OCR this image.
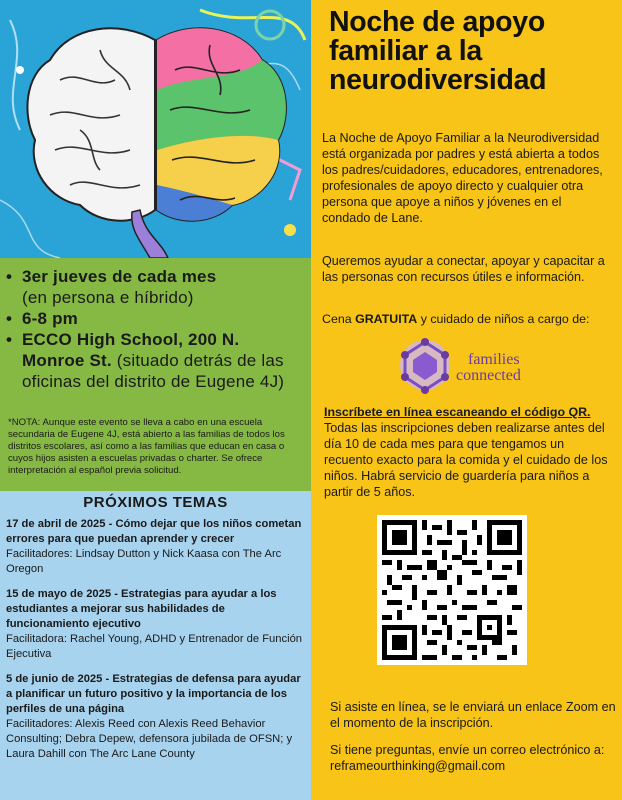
• 3er jueves de cada mes
(en persona e híbrido)
• 6-8 pm
• ECCO High School, 200 N. Monroe St. (situado detrás de las oficinas del distrito de Eugene 4J)

*NOTA: Aunque este evento se lleva a cabo en una escuela secundaria de Eugene 4J, está abierto a las familias de todos los distritos escolares, así como a las familias que educan en casa o cuyos hijos asisten a escuelas privadas o charter. Se ofrece interpretación al español previa solicitud.

PRÓXIMOS TEMAS
17 de abril de 2025 - Cómo dejar que los niños cometan errores para que puedan aprender y crecer
Facilitadores: Lindsay Dutton y Nick Kaasa con The Arc Oregon
15 de mayo de 2025 - Estrategias para ayudar a los estudiantes a mejorar sus habilidades de funcionamiento ejecutivo
Facilitadora: Rachel Young, ADHD y Entrenador de Función Ejecutiva
5 de junio de 2025 - Estrategias de defensa para ayudar a planificar un futuro positivo y la importancia de los perfiles de una página
Facilitadores: Alexis Reed con Alexis Reed Behavior Consulting; Debra Depew, defensora jubilada de OFSN; y Laura Dahill con The Arc Lane County
Noche de apoyo familiar a la neurodiversidad

La Noche de Apoyo Familiar a la Neurodiversidad está organizada por padres y está abierta a todos los padres/cuidadores, educadores, entrenadores, profesionales de apoyo directo y cualquier otra persona que apoye a niños y jóvenes en el condado de Lane.

Queremos ayudar a conectar, apoyar y capacitar a las personas con recursos útiles e información.

Cena GRATUITA y cuidado de niños a cargo de:

families
connected

Inscríbete en línea escaneando el código QR.

Todas las inscripciones deben realizarse antes del día 10 de cada mes para que tengamos un recuento exacto para la comida y el cuidado de los niños. Habrá servicio de guardería para niños a partir de 5 años.

Si asiste en línea, se le enviará un enlace Zoom en el momento de la inscripción.

Si tiene preguntas, envíe un correo electrónico a:
reframeourthinking@gmail.com
